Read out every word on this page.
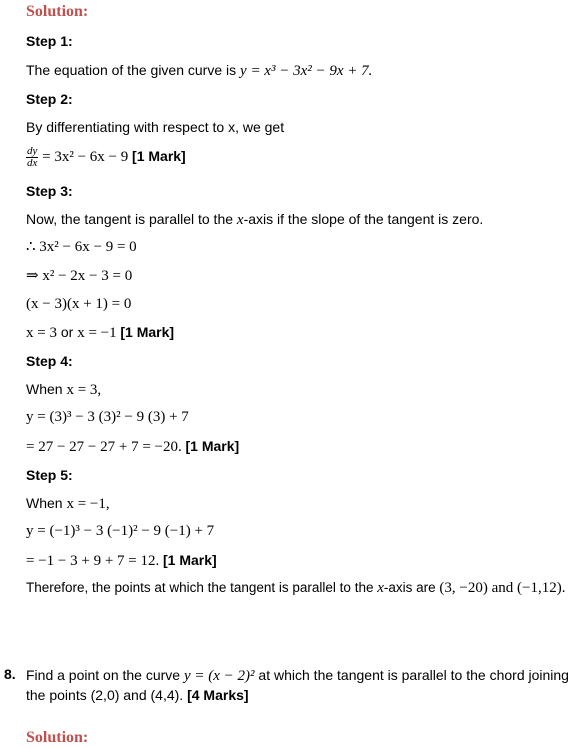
Solution:
Step 1:
The equation of the given curve is y = x³ − 3x² − 9x + 7.
Step 2:
By differentiating with respect to x, we get
$\frac{dy}{dx} = 3x^2 - 6x - 9$ [1 Mark]
Step 3:
Now, the tangent is parallel to the x-axis if the slope of the tangent is zero.
∴ 3x² − 6x − 9 = 0
⇒ x² − 2x − 3 = 0
(x − 3)(x + 1) = 0
x = 3 or x = −1 [1 Mark]
Step 4:
When x = 3,
y = (3)³ − 3 (3)² − 9 (3) + 7
= 27 − 27 − 27 + 7 = −20. [1 Mark]
Step 5:
When x = −1,
y = (−1)³ − 3 (−1)² − 9 (−1) + 7
= −1 − 3 + 9 + 7 = 12. [1 Mark]
Therefore, the points at which the tangent is parallel to the x-axis are (3, −20) and (−1,12).
8. Find a point on the curve y = (x − 2)² at which the tangent is parallel to the chord joining the points (2,0) and (4,4). [4 Marks]
Solution:
